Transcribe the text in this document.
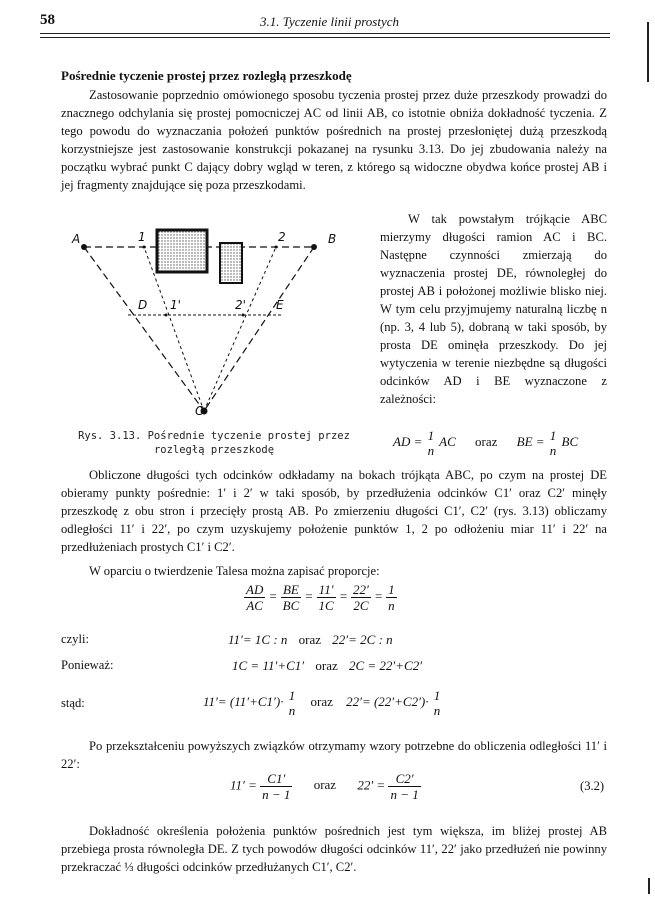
58	3.1. Tyczenie linii prostych
Pośrednie tyczenie prostej przez rozległą przeszkodę
Zastosowanie poprzednio omówionego sposobu tyczenia prostej przez duże przeszkody prowadzi do znacznego odchylania się prostej pomocniczej AC od linii AB, co istotnie obniża dokładność tyczenia. Z tego powodu do wyznaczania położeń punktów pośrednich na prostej przesłoniętej dużą przeszkodą korzystniejsze jest zastosowanie konstrukcji pokazanej na rysunku 3.13. Do jej zbudowania należy na początku wybrać punkt C dający dobry wgląd w teren, z którego są widoczne obydwa końce prostej AB i jej fragmenty znajdujące się poza przeszkodami.
A	B
C
D	E
1	2
1'	2'
Rys. 3.13. Pośrednie tyczenie prostej przez
rozległą przeszkodę
W tak powstałym trójkącie ABC mierzymy długości ramion AC i BC. Następne czynności zmierzają do wyznaczenia prostej DE, równoległej do prostej AB i położonej możliwie blisko niej. W tym celu przyjmujemy naturalną liczbę n (np. 3, 4 lub 5), dobraną w taki sposób, by prosta DE ominęła przeszkody. Do jej wytyczenia w terenie niezbędne są długości odcinków AD i BE wyznaczone z zależności:
AD = 1
n
AC oraz BE = 1
n
BC
Obliczone długości tych odcinków odkładamy na bokach trójkąta ABC, po czym na prostej DE obieramy punkty pośrednie: 1′ i 2′ w taki sposób, by przedłużenia odcinków C1′ oraz C2′ minęły przeszkodę z obu stron i przecięły prostą AB. Po zmierzeniu długości C1′, C2′ (rys. 3.13) obliczamy odległości 11′ i 22′, po czym uzyskujemy położenie punktów 1, 2 po odłożeniu miar 11′ i 22′ na przedłużeniach prostych C1′ i C2′.
W oparciu o twierdzenie Talesa można zapisać proporcje:
$\frac{AD}{AC} = \frac{BE}{BC} = \frac{11'}{1C} = \frac{22'}{2C} = \frac{1}{n}$
czyli:	11′= 1C : n oraz 22′= 2C : n
Ponieważ:	1C = 11′+C1′ oraz 2C = 22′+C2′
stąd:	11′= (11′+C1′)· 1
n
oraz 22′= (22′+C2′)· 1
n
Po przekształceniu powyższych związków otrzymamy wzory potrzebne do obliczenia odległości 11′ i 22′:
$11' = \frac{C1'}{n - 1}$ oraz $22' = \frac{C2'}{n - 1}$	(3.2)
Dokładność określenia położenia punktów pośrednich jest tym większa, im bliżej prostej AB przebiega prosta równoległa DE. Z tych powodów długości odcinków 11′, 22′ jako przedłużeń nie powinny przekraczać ⅓ długości odcinków przedłużanych C1′, C2′.
